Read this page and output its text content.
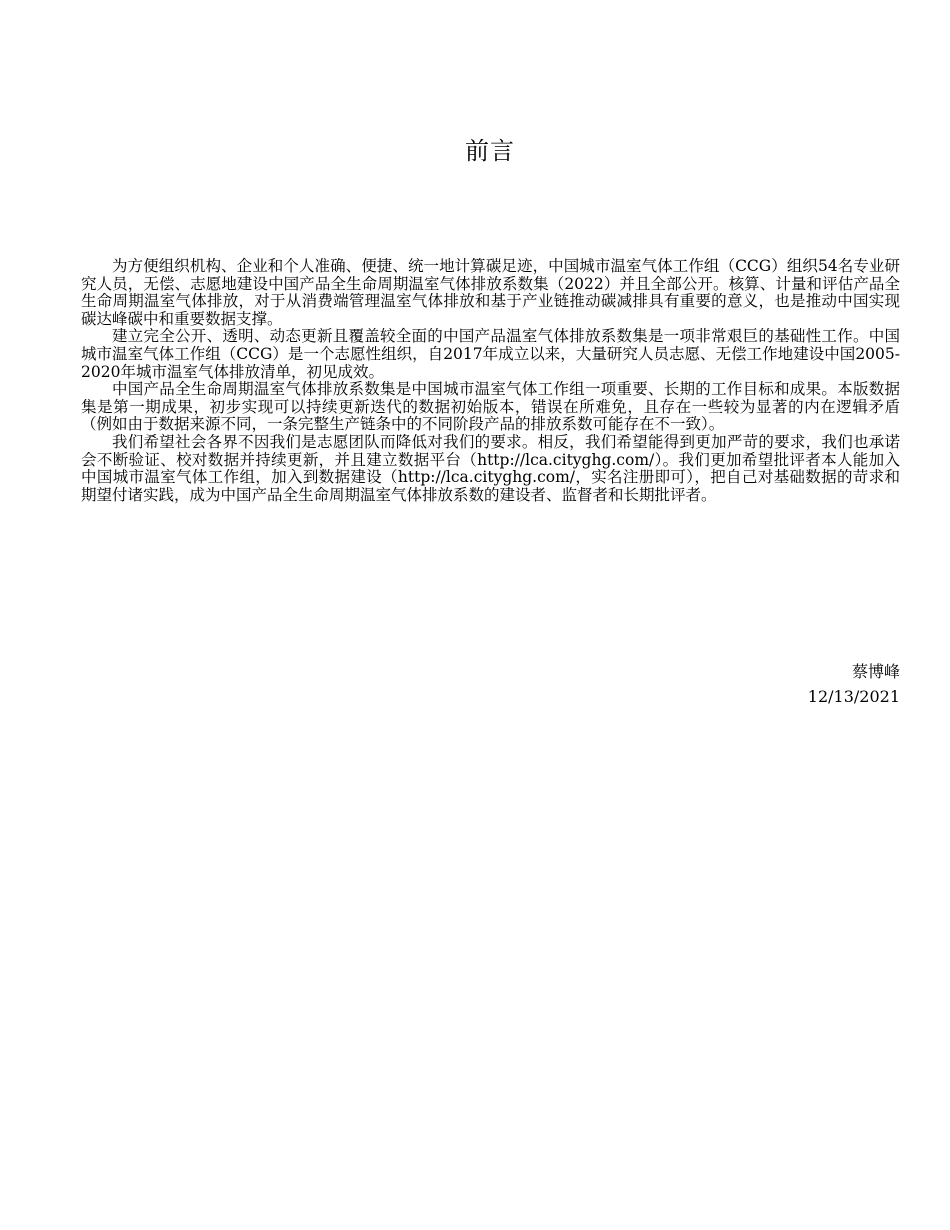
前言

为方便组织机构、企业和个人准确、便捷、统一地计算碳足迹，中国城市温室气体工作组（CCG）组织54名专业研究人员，无偿、志愿地建设中国产品全生命周期温室气体排放系数集（2022）并且全部公开。核算、计量和评估产品全生命周期温室气体排放，对于从消费端管理温室气体排放和基于产业链推动碳减排具有重要的意义，也是推动中国实现碳达峰碳中和重要数据支撑。

建立完全公开、透明、动态更新且覆盖较全面的中国产品温室气体排放系数集是一项非常艰巨的基础性工作。中国城市温室气体工作组（CCG）是一个志愿性组织，自2017年成立以来，大量研究人员志愿、无偿工作地建设中国2005-2020年城市温室气体排放清单，初见成效。

中国产品全生命周期温室气体排放系数集是中国城市温室气体工作组一项重要、长期的工作目标和成果。本版数据集是第一期成果，初步实现可以持续更新迭代的数据初始版本，错误在所难免，且存在一些较为显著的内在逻辑矛盾（例如由于数据来源不同，一条完整生产链条中的不同阶段产品的排放系数可能存在不一致）。

我们希望社会各界不因我们是志愿团队而降低对我们的要求。相反，我们希望能得到更加严苛的要求，我们也承诺会不断验证、校对数据并持续更新，并且建立数据平台（http://lca.cityghg.com/）。我们更加希望批评者本人能加入中国城市温室气体工作组，加入到数据建设（http://lca.cityghg.com/，实名注册即可），把自己对基础数据的苛求和期望付诸实践，成为中国产品全生命周期温室气体排放系数的建设者、监督者和长期批评者。

蔡博峰
12/13/2021
